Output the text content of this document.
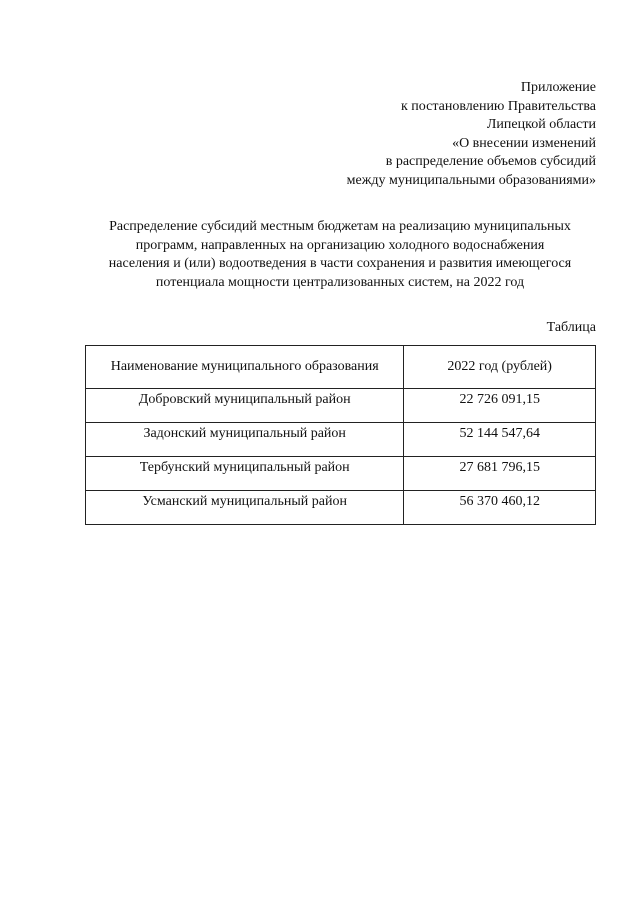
Приложение
к постановлению Правительства
Липецкой области
«О внесении изменений
в распределение объемов субсидий
между муниципальными образованиями»
Распределение субсидий местным бюджетам на реализацию муниципальных
программ, направленных на организацию холодного водоснабжения
населения и (или) водоотведения в части сохранения и развития имеющегося
потенциала мощности централизованных систем, на 2022 год
Таблица
Наименование муниципального образования	2022 год (рублей)
Добровский муниципальный район	22 726 091,15
Задонский муниципальный район	52 144 547,64
Тербунский муниципальный район	27 681 796,15
Усманский муниципальный район	56 370 460,12
